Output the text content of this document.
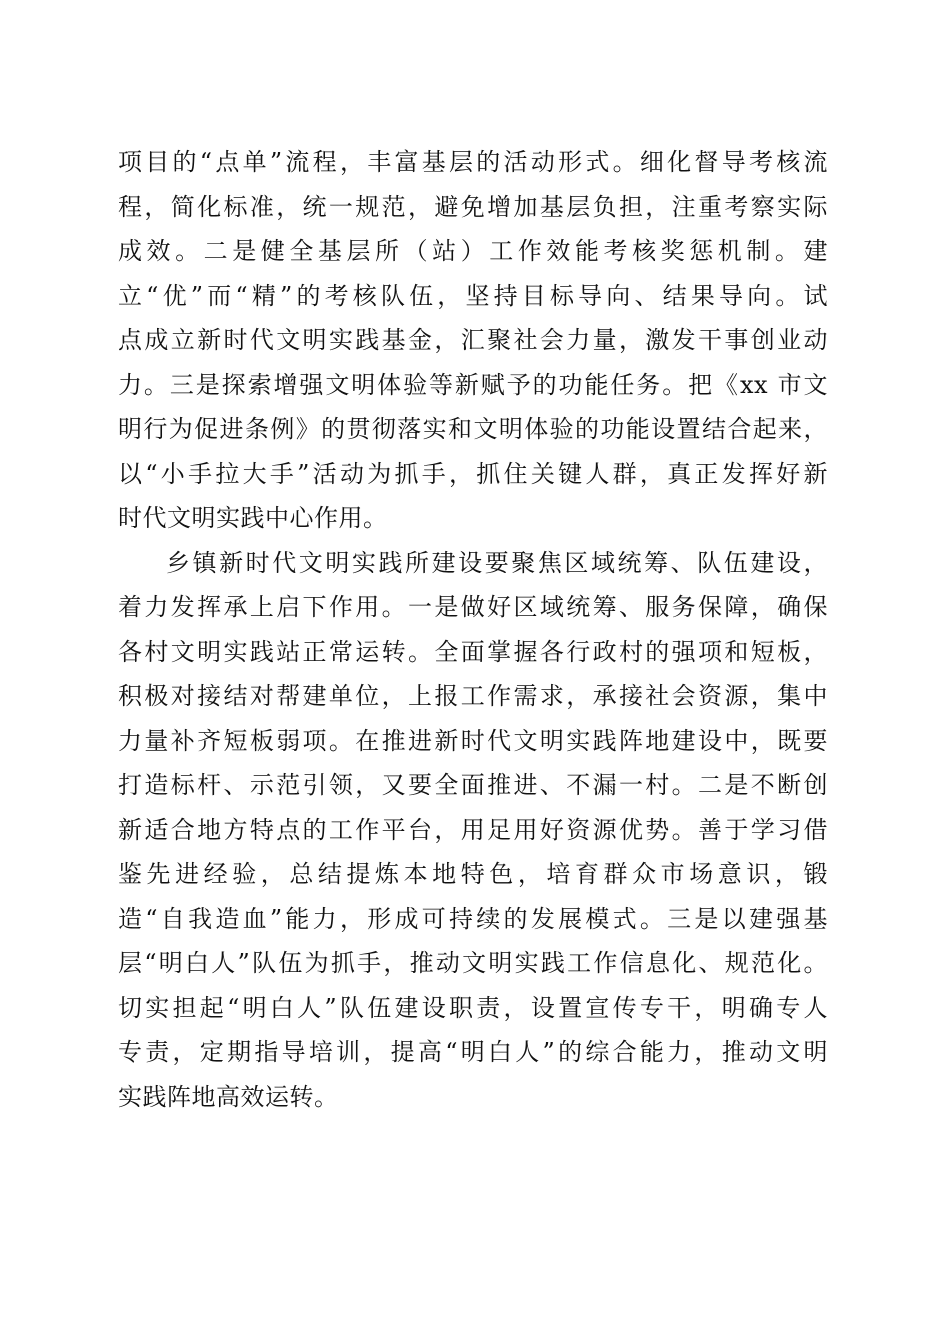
项目的“点单”流程，丰富基层的活动形式。细化督导考核流
程，简化标准，统一规范，避免增加基层负担，注重考察实际
成效。二是健全基层所（站）工作效能考核奖惩机制。建
立“优”而“精”的考核队伍，坚持目标导向、结果导向。试
点成立新时代文明实践基金，汇聚社会力量，激发干事创业动
力。三是探索增强文明体验等新赋予的功能任务。把《xx 市文
明行为促进条例》的贯彻落实和文明体验的功能设置结合起来，
以“小手拉大手”活动为抓手，抓住关键人群，真正发挥好新
时代文明实践中心作用。
乡镇新时代文明实践所建设要聚焦区域统筹、队伍建设，
着力发挥承上启下作用。一是做好区域统筹、服务保障，确保
各村文明实践站正常运转。全面掌握各行政村的强项和短板，
积极对接结对帮建单位，上报工作需求，承接社会资源，集中
力量补齐短板弱项。在推进新时代文明实践阵地建设中，既要
打造标杆、示范引领，又要全面推进、不漏一村。二是不断创
新适合地方特点的工作平台，用足用好资源优势。善于学习借
鉴先进经验，总结提炼本地特色，培育群众市场意识，锻
造“自我造血”能力，形成可持续的发展模式。三是以建强基
层“明白人”队伍为抓手，推动文明实践工作信息化、规范化。
切实担起“明白人”队伍建设职责，设置宣传专干，明确专人
专责，定期指导培训，提高“明白人”的综合能力，推动文明
实践阵地高效运转。
